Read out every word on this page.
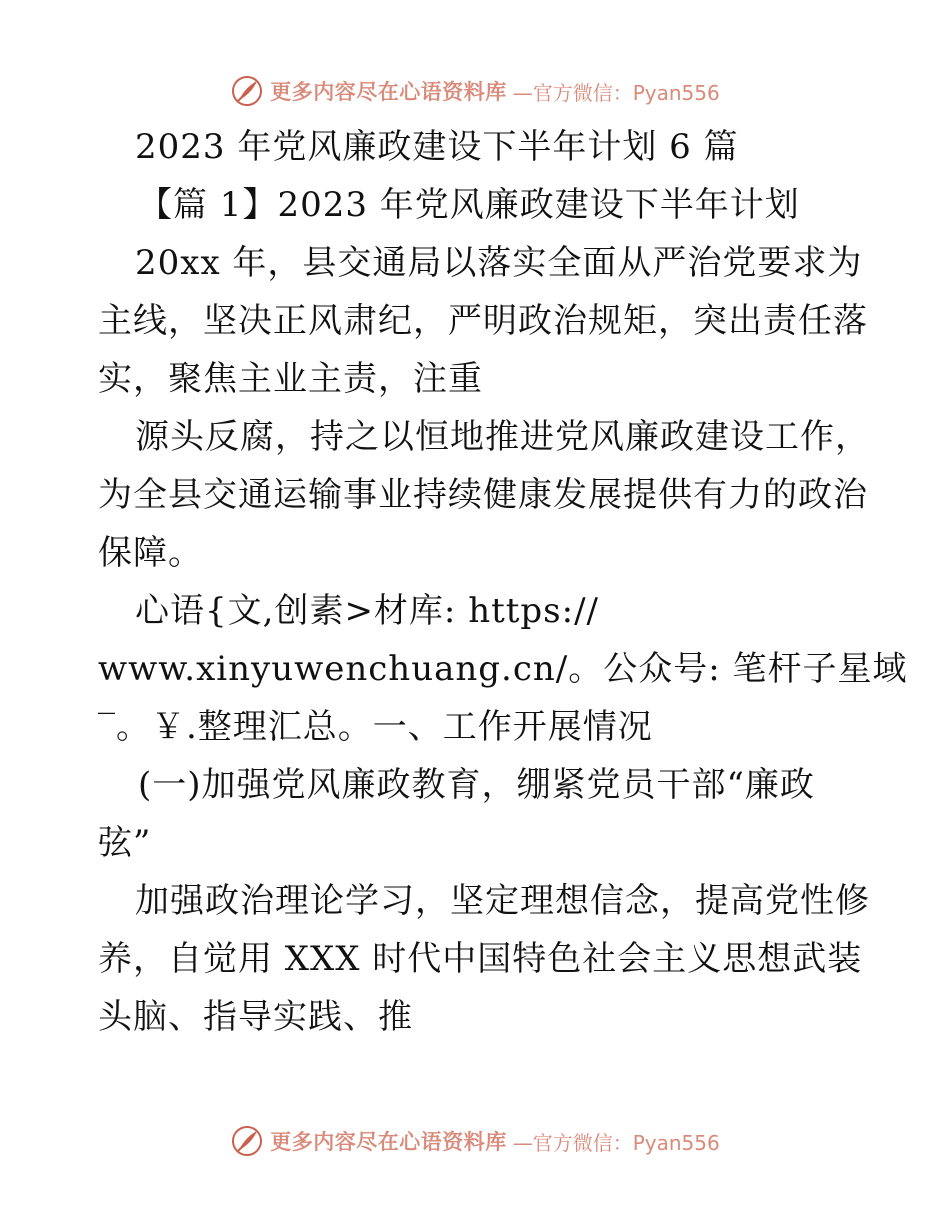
更多内容尽在心语资料库 —官方微信：Pyan556
2023 年党风廉政建设下半年计划 6 篇
【篇 1】2023 年党风廉政建设下半年计划
20xx 年，县交通局以落实全面从严治党要求为
主线，坚决正风肃纪，严明政治规矩，突出责任落
实，聚焦主业主责，注重
源头反腐，持之以恒地推进党风廉政建设工作，
为全县交通运输事业持续健康发展提供有力的政治
保障。
心语{文,创素>材库: https://
www.xinyuwenchuang.cn/。公众号: 笔杆子星域
‾。￥.整理汇总。一、工作开展情况
(一)加强党风廉政教育，绷紧党员干部“廉政
弦”
加强政治理论学习，坚定理想信念，提高党性修
养，自觉用 XXX 时代中国特色社会主义思想武装
头脑、指导实践、推
更多内容尽在心语资料库 —官方微信：Pyan556
